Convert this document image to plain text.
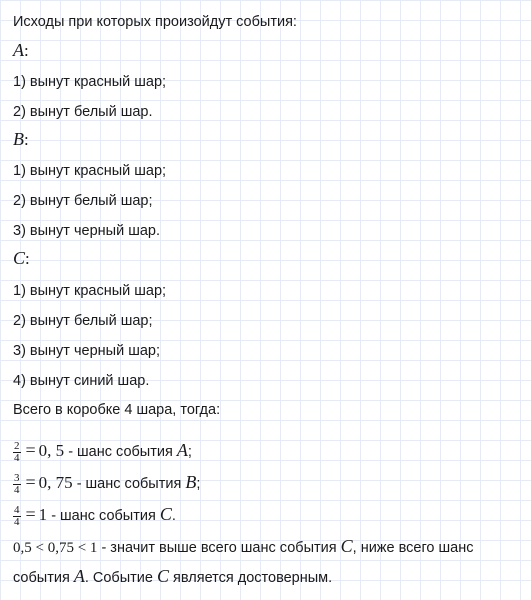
Исходы при которых произойдут события:
A:
1) вынут красный шар;
2) вынут белый шар.
B:
1) вынут красный шар;
2) вынут белый шар;
3) вынут черный шар.
C:
1) вынут красный шар;
2) вынут белый шар;
3) вынут черный шар;
4) вынут синий шар.
Всего в коробке 4 шара, тогда:
$\frac{2}{4} = 0$, 5 - шанс события A;
$\frac{3}{4} = 0$, 75 - шанс события B;
$\frac{4}{4} = 1$ - шанс события C.
0,5 < 0,75 < 1 - значит выше всего шанс события C, ниже всего шанс
события A. Событие C является достоверным.
